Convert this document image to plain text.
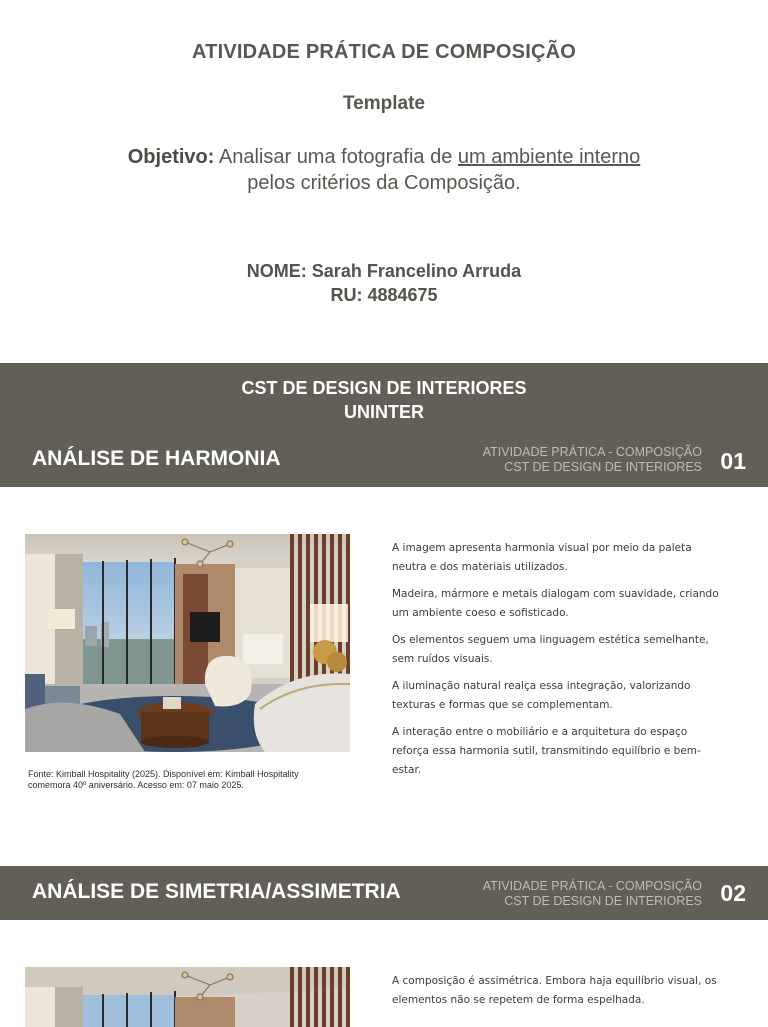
ATIVIDADE PRÁTICA DE COMPOSIÇÃO
Template
Objetivo: Analisar uma fotografia de um ambiente interno
pelos critérios da Composição.
NOME: Sarah Francelino Arruda
RU: 4884675
CST DE DESIGN DE INTERIORES
UNINTER
ANÁLISE DE HARMONIA	ATIVIDADE PRÁTICA - COMPOSIÇÃO
CST DE DESIGN DE INTERIORES 01
Fonte: Kimball Hospitality (2025). Disponível em: Kimball Hospitality
comemora 40º aniversário. Acesso em: 07 maio 2025.

A imagem apresenta harmonia visual por meio da paleta neutra e dos materiais utilizados.

Madeira, mármore e metais dialogam com suavidade, criando um ambiente coeso e sofisticado.

Os elementos seguem uma linguagem estética semelhante, sem ruídos visuais.

A iluminação natural realça essa integração, valorizando texturas e formas que se complementam.

A interação entre o mobiliário e a arquitetura do espaço reforça essa harmonia sutil, transmitindo equilíbrio e bem-estar.

ANÁLISE DE SIMETRIA/ASSIMETRIA	ATIVIDADE PRÁTICA - COMPOSIÇÃO
CST DE DESIGN DE INTERIORES 02

A composição é assimétrica. Embora haja equilíbrio visual, os elementos não se repetem de forma espelhada.
